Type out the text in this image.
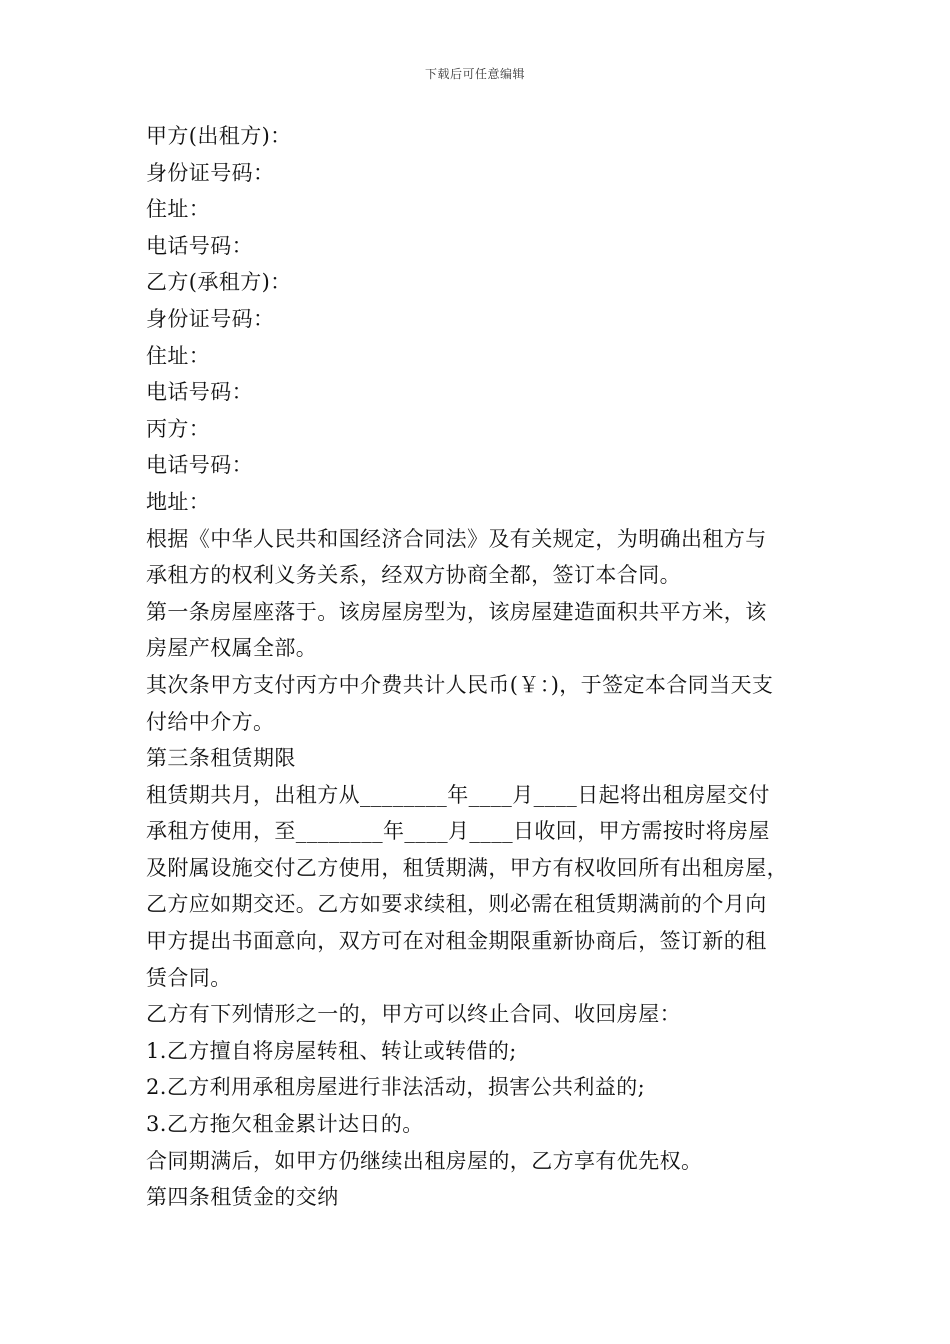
下载后可任意编辑
甲方(出租方)：
身份证号码：
住址：
电话号码：
乙方(承租方)：
身份证号码：
住址：
电话号码：
丙方：
电话号码：
地址：
根据《中华人民共和国经济合同法》及有关规定，为明确出租方与
承租方的权利义务关系，经双方协商全都，签订本合同。
第一条房屋座落于。该房屋房型为，该房屋建造面积共平方米，该
房屋产权属全部。
其次条甲方支付丙方中介费共计人民币(￥：)，于签定本合同当天支
付给中介方。
第三条租赁期限
租赁期共月，出租方从________年____月____日起将出租房屋交付
承租方使用，至________年____月____日收回，甲方需按时将房屋
及附属设施交付乙方使用，租赁期满，甲方有权收回所有出租房屋，
乙方应如期交还。乙方如要求续租，则必需在租赁期满前的个月向
甲方提出书面意向，双方可在对租金期限重新协商后，签订新的租
赁合同。
乙方有下列情形之一的，甲方可以终止合同、收回房屋：
1.乙方擅自将房屋转租、转让或转借的;
2.乙方利用承租房屋进行非法活动，损害公共利益的;
3.乙方拖欠租金累计达日的。
合同期满后，如甲方仍继续出租房屋的，乙方享有优先权。
第四条租赁金的交纳
